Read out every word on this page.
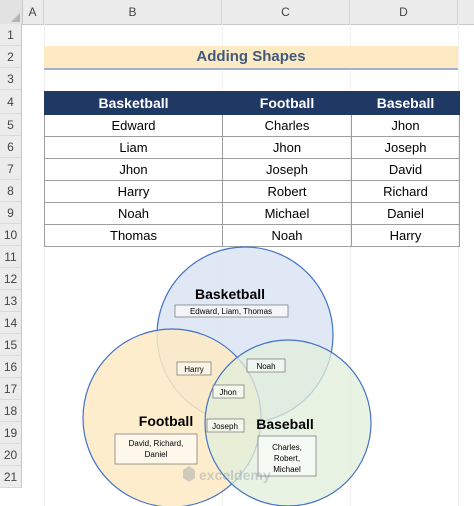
A	B	C	D
1
2
3
4
5
6
7
8
9
10
11
12
13
14
15
16
17
18
19
20
21
Adding Shapes
Basketball	Football	Baseball
Edward	Charles	Jhon
Liam	Jhon	Joseph
Jhon	Joseph	David
Harry	Robert	Richard
Noah	Michael	Daniel
Thomas	Noah	Harry
Basketball
Football	Baseball
Edward, Liam, Thomas
David, Richard,
Daniel
Charles,
Robert,
Michael
Harry	Noah
Jhon
Joseph
exceldemy
